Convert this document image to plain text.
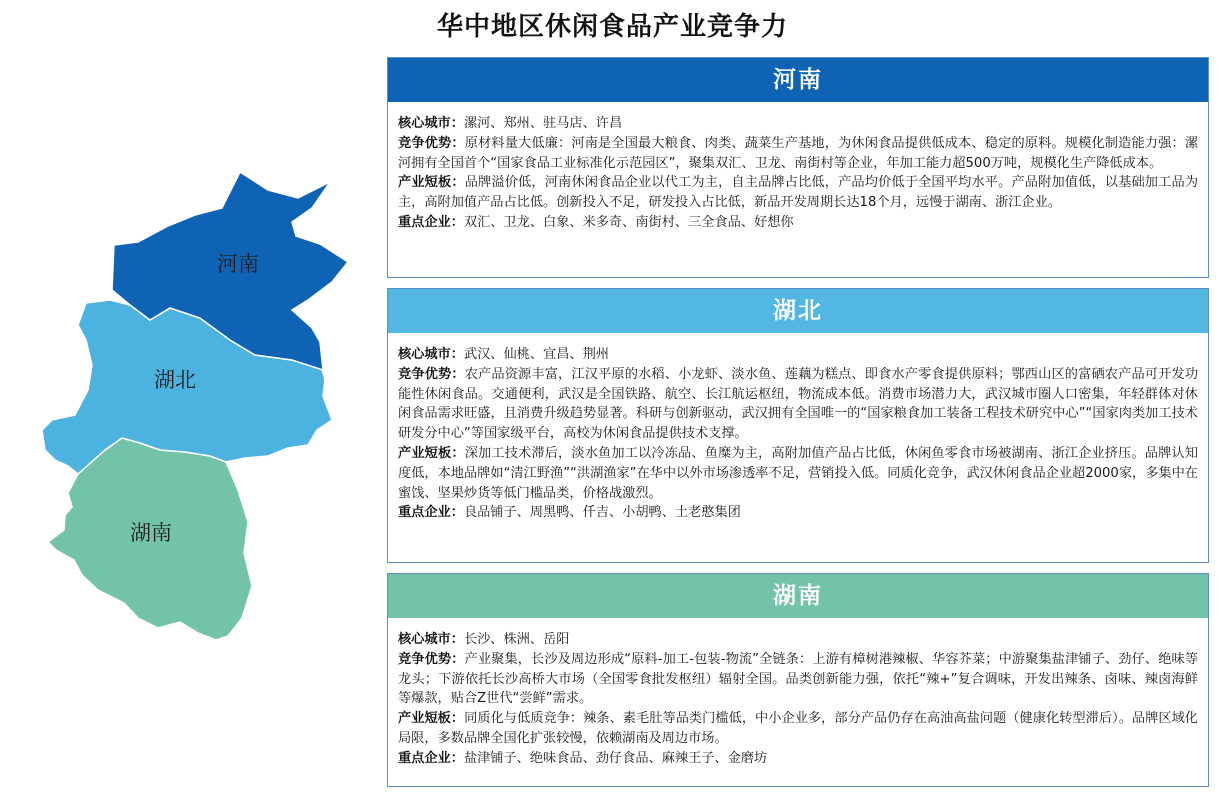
华中地区休闲食品产业竞争力
河南
湖北
湖南
河南

核心城市：漯河、郑州、驻马店、许昌

竞争优势：原材料量大低廉：河南是全国最大粮食、肉类、蔬菜生产基地，为休闲食品提供低成本、稳定的原料。规模化制造能力强：漯河拥有全国首个“国家食品工业标准化示范园区”，聚集双汇、卫龙、南街村等企业，年加工能力超500万吨，规模化生产降低成本。

产业短板：品牌溢价低，河南休闲食品企业以代工为主，自主品牌占比低，产品均价低于全国平均水平。产品附加值低，以基础加工品为主，高附加值产品占比低。创新投入不足，研发投入占比低，新品开发周期长达18个月，远慢于湖南、浙江企业。

重点企业：双汇、卫龙、白象、米多奇、南街村、三全食品、好想你

湖北

核心城市：武汉、仙桃、宜昌、荆州

竞争优势：农产品资源丰富，江汉平原的水稻、小龙虾、淡水鱼、莲藕为糕点、即食水产零食提供原料；鄂西山区的富硒农产品可开发功能性休闲食品。交通便利，武汉是全国铁路、航空、长江航运枢纽，物流成本低。消费市场潜力大，武汉城市圈人口密集，年轻群体对休闲食品需求旺盛，且消费升级趋势显著。科研与创新驱动，武汉拥有全国唯一的“国家粮食加工装备工程技术研究中心”“国家肉类加工技术研发分中心”等国家级平台，高校为休闲食品提供技术支撑。

产业短板：深加工技术滞后，淡水鱼加工以冷冻品、鱼糜为主，高附加值产品占比低，休闲鱼零食市场被湖南、浙江企业挤压。品牌认知度低，本地品牌如“清江野渔”“洪湖渔家”在华中以外市场渗透率不足，营销投入低。同质化竞争，武汉休闲食品企业超2000家，多集中在蜜饯、坚果炒货等低门槛品类，价格战激烈。

重点企业：良品铺子、周黑鸭、仟吉、小胡鸭、土老憨集团

湖南

核心城市：长沙、株洲、岳阳

竞争优势：产业聚集，长沙及周边形成“原料-加工-包装-物流”全链条：上游有樟树港辣椒、华容芥菜；中游聚集盐津铺子、劲仔、绝味等龙头；下游依托长沙高桥大市场（全国零食批发枢纽）辐射全国。品类创新能力强，依托“辣+”复合调味，开发出辣条、卤味、辣卤海鲜等爆款，贴合Z世代“尝鲜”需求。

产业短板：同质化与低质竞争：辣条、素毛肚等品类门槛低，中小企业多，部分产品仍存在高油高盐问题（健康化转型滞后）。品牌区域化局限，多数品牌全国化扩张较慢，依赖湖南及周边市场。

重点企业：盐津铺子、绝味食品、劲仔食品、麻辣王子、金磨坊
